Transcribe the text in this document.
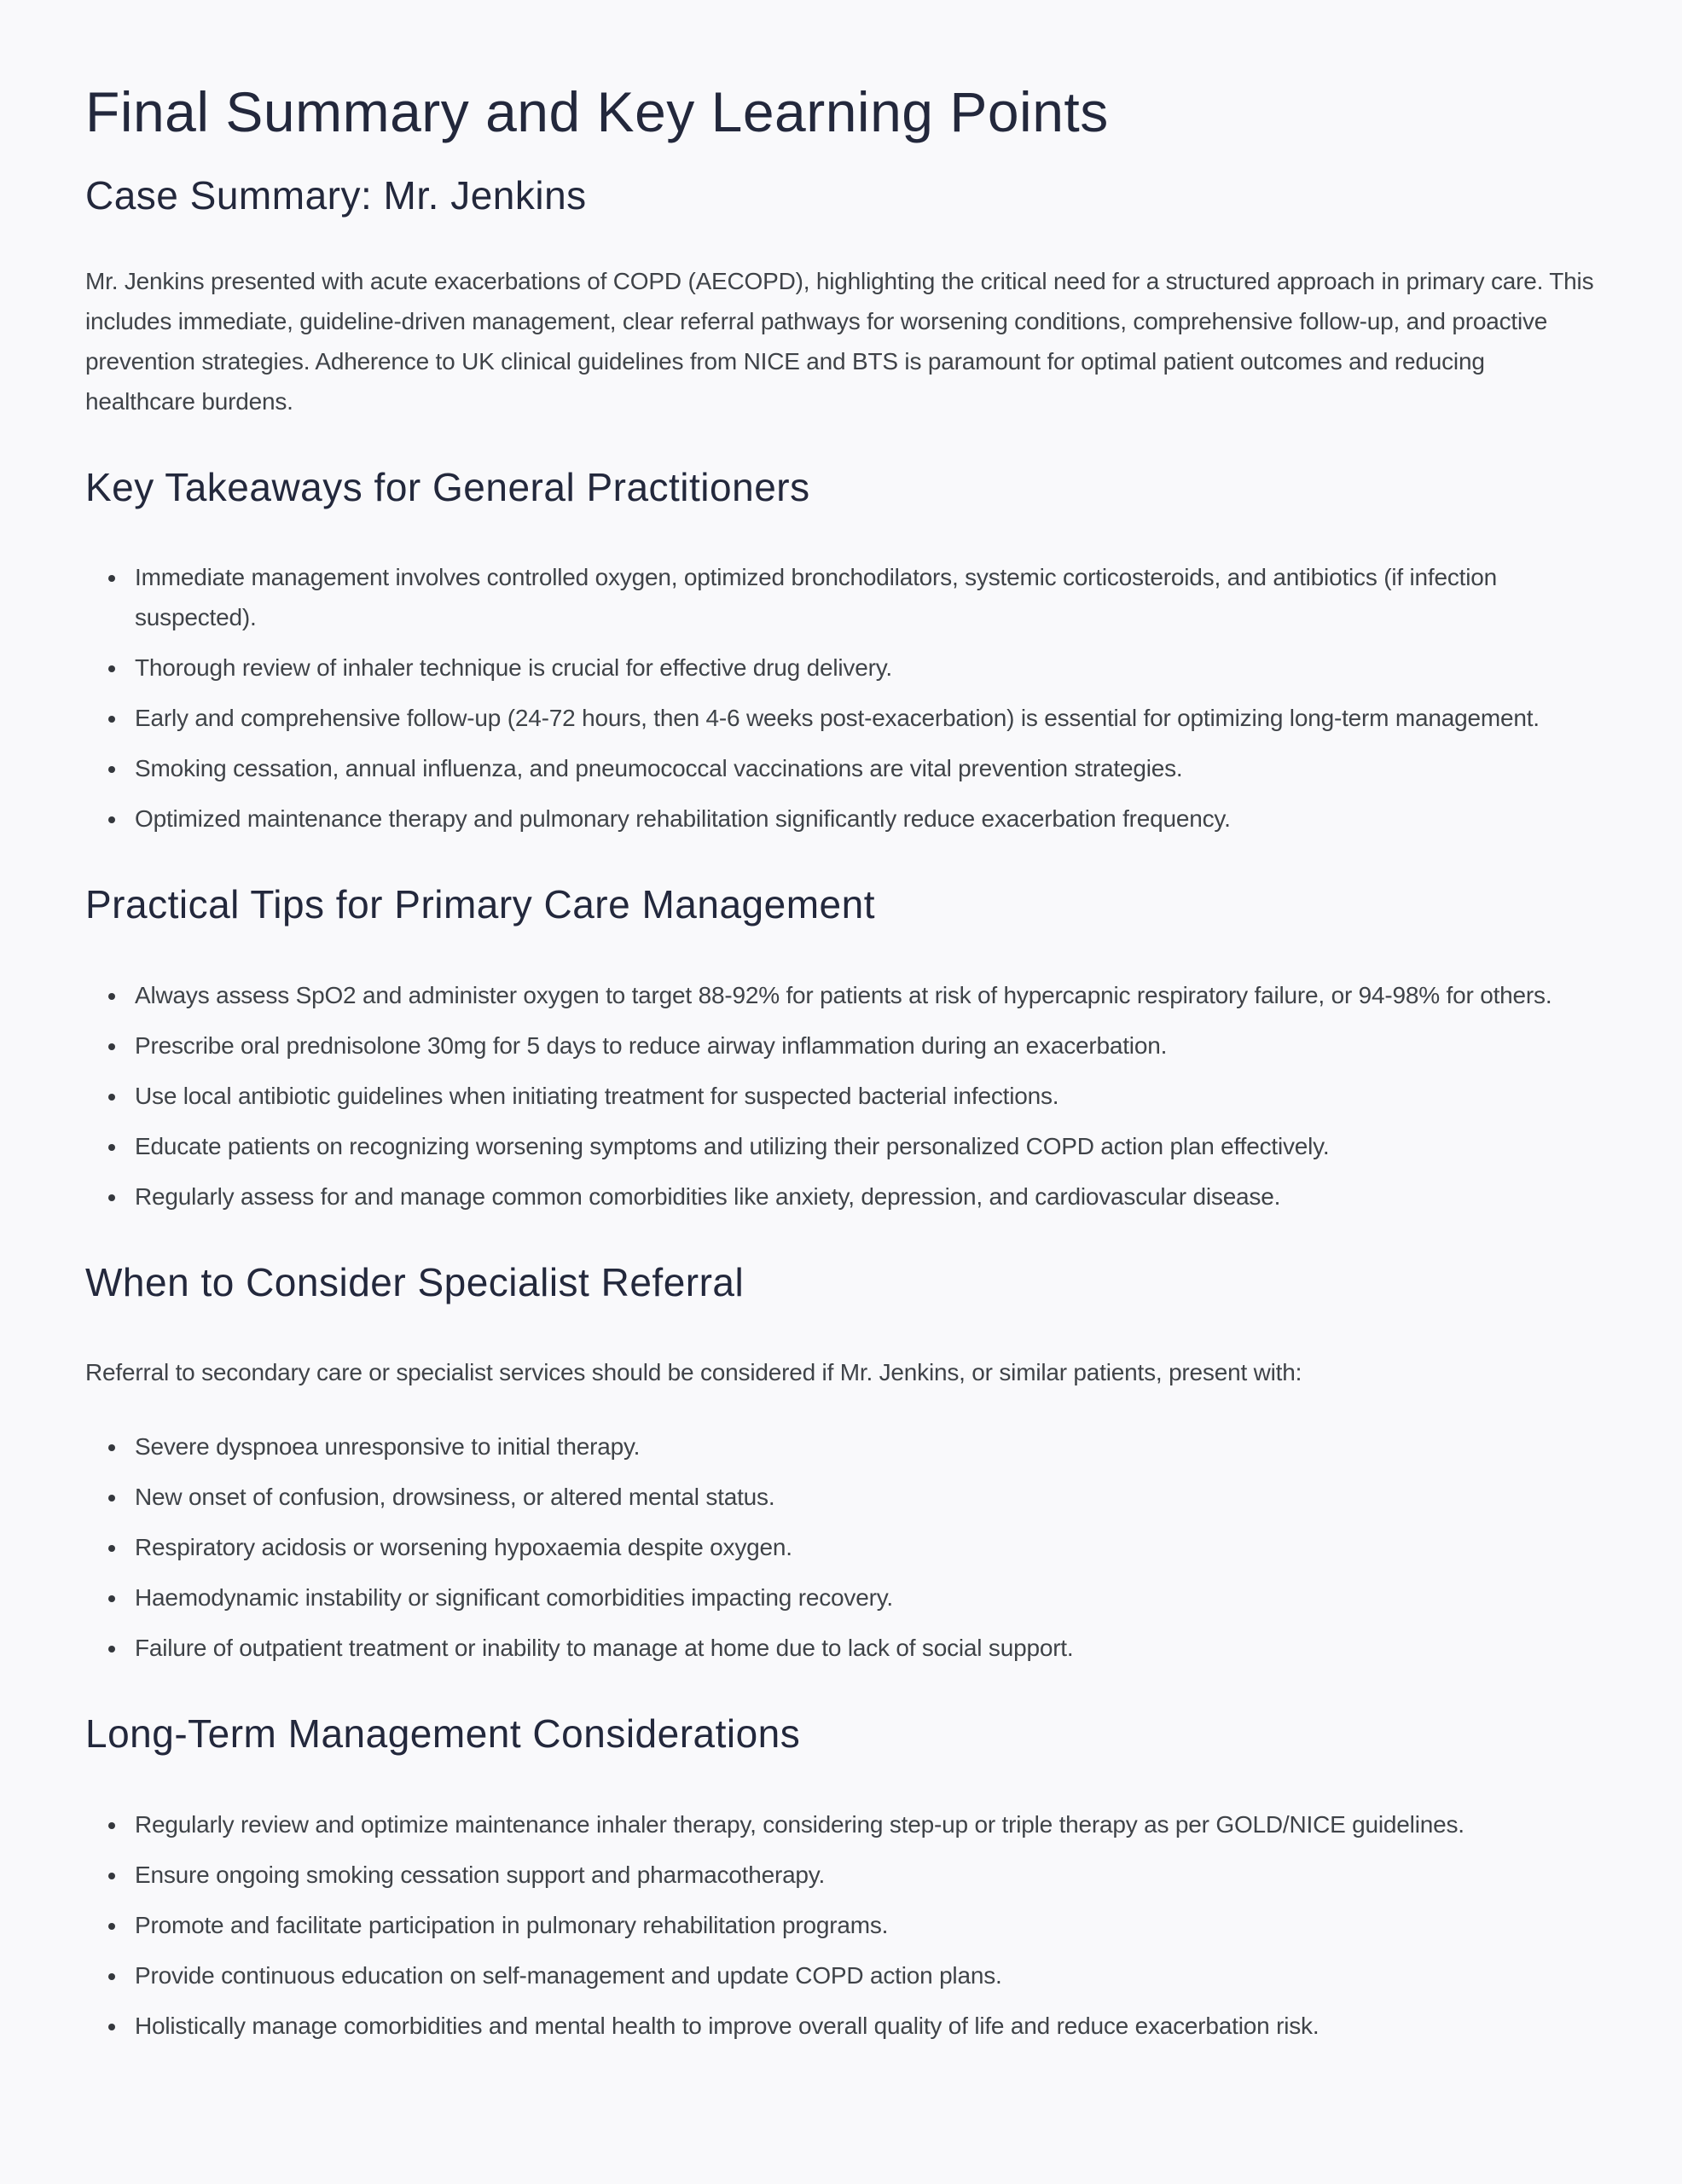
Final Summary and Key Learning Points
Case Summary: Mr. Jenkins

Mr. Jenkins presented with acute exacerbations of COPD (AECOPD), highlighting the critical need for a structured approach in primary care. This includes immediate, guideline-driven management, clear referral pathways for worsening conditions, comprehensive follow-up, and proactive prevention strategies. Adherence to UK clinical guidelines from NICE and BTS is paramount for optimal patient outcomes and reducing healthcare burdens.

Key Takeaways for General Practitioners
• Immediate management involves controlled oxygen, optimized bronchodilators, systemic corticosteroids, and antibiotics (if infection suspected).
• Thorough review of inhaler technique is crucial for effective drug delivery.
• Early and comprehensive follow-up (24-72 hours, then 4-6 weeks post-exacerbation) is essential for optimizing long-term management.
• Smoking cessation, annual influenza, and pneumococcal vaccinations are vital prevention strategies.
• Optimized maintenance therapy and pulmonary rehabilitation significantly reduce exacerbation frequency.
Practical Tips for Primary Care Management
• Always assess SpO2 and administer oxygen to target 88-92% for patients at risk of hypercapnic respiratory failure, or 94-98% for others.
• Prescribe oral prednisolone 30mg for 5 days to reduce airway inflammation during an exacerbation.
• Use local antibiotic guidelines when initiating treatment for suspected bacterial infections.
• Educate patients on recognizing worsening symptoms and utilizing their personalized COPD action plan effectively.
• Regularly assess for and manage common comorbidities like anxiety, depression, and cardiovascular disease.
When to Consider Specialist Referral

Referral to secondary care or specialist services should be considered if Mr. Jenkins, or similar patients, present with:

• Severe dyspnoea unresponsive to initial therapy.
• New onset of confusion, drowsiness, or altered mental status.
• Respiratory acidosis or worsening hypoxaemia despite oxygen.
• Haemodynamic instability or significant comorbidities impacting recovery.
• Failure of outpatient treatment or inability to manage at home due to lack of social support.
Long-Term Management Considerations
• Regularly review and optimize maintenance inhaler therapy, considering step-up or triple therapy as per GOLD/NICE guidelines.
• Ensure ongoing smoking cessation support and pharmacotherapy.
• Promote and facilitate participation in pulmonary rehabilitation programs.
• Provide continuous education on self-management and update COPD action plans.
• Holistically manage comorbidities and mental health to improve overall quality of life and reduce exacerbation risk.
